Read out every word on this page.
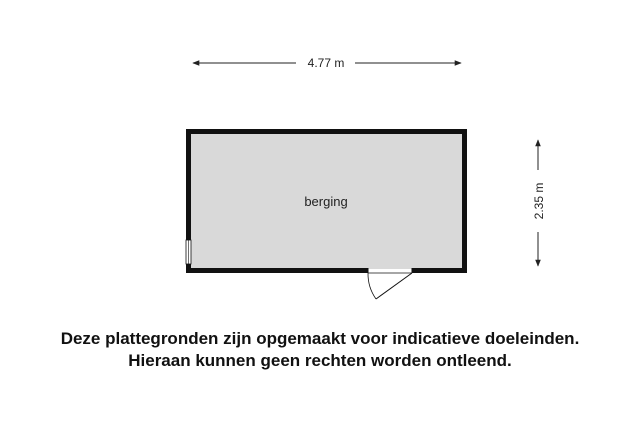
4.77 m
2.35 m
berging
Deze plattegronden zijn opgemaakt voor indicatieve doeleinden.
Hieraan kunnen geen rechten worden ontleend.
